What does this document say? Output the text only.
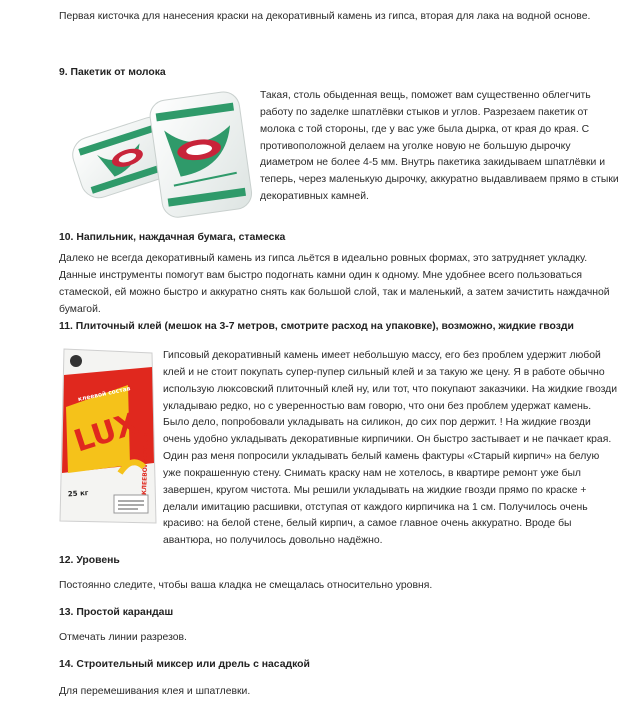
Первая кисточка для нанесения краски на декоративный камень из гипса, вторая для лака на водной основе.

9. Пакетик от молока

Такая, столь обыденная вещь, поможет вам существенно облегчить работу по заделке шпатлёвки стыков и углов. Разрезаем пакетик от молока с той стороны, где у вас уже была дырка, от края до края. С противоположной делаем на уголке новую не большую дырочку диаметром не более 4-5 мм. Внутрь пакетика закидываем шпатлёвки и теперь, через маленькую дырочку, аккуратно выдавливаем прямо в стыки декоративных камней.

10. Напильник, наждачная бумага, стамеска

Далеко не всегда декоративный камень из гипса льётся в идеально ровных формах, это затрудняет укладку. Данные инструменты помогут вам быстро подогнать камни один к одному. Мне удобнее всего пользоваться стамеской, ей можно быстро и аккуратно снять как большой слой, так и маленький, а затем зачистить наждачной бумагой.

11. Плиточный клей (мешок на 3-7 метров, смотрите расход на упаковке), возможно, жидкие гвозди
LUX
клеевой состав
25 кг	КЛЕЕВОЙ СОСТАВ

Гипсовый декоративный камень имеет небольшую массу, его без проблем удержит любой клей и не стоит покупать супер-пупер сильный клей и за такую же цену. Я в работе обычно использую люксовский плиточный клей ну, или тот, что покупают заказчики. На жидкие гвозди укладываю редко, но с уверенностью вам говорю, что они без проблем удержат камень. Было дело, попробовали укладывать на силикон, до сих пор держит. ! На жидкие гвозди очень удобно укладывать декоративные кирпичики. Он быстро застывает и не пачкает края. Один раз меня попросили укладывать белый камень фактуры «Старый кирпич» на белую уже покрашенную стену. Снимать краску нам не хотелось, в квартире ремонт уже был завершен, кругом чистота. Мы решили укладывать на жидкие гвозди прямо по краске + делали имитацию расшивки, отступая от каждого кирпичика на 1 см. Получилось очень красиво: на белой стене, белый кирпич, а самое главное очень аккуратно. Вроде бы авантюра, но получилось довольно надёжно.

12. Уровень

Постоянно следите, чтобы ваша кладка не смещалась относительно уровня.

13. Простой карандаш

Отмечать линии разрезов.

14. Строительный миксер или дрель с насадкой

Для перемешивания клея и шпатлевки.
